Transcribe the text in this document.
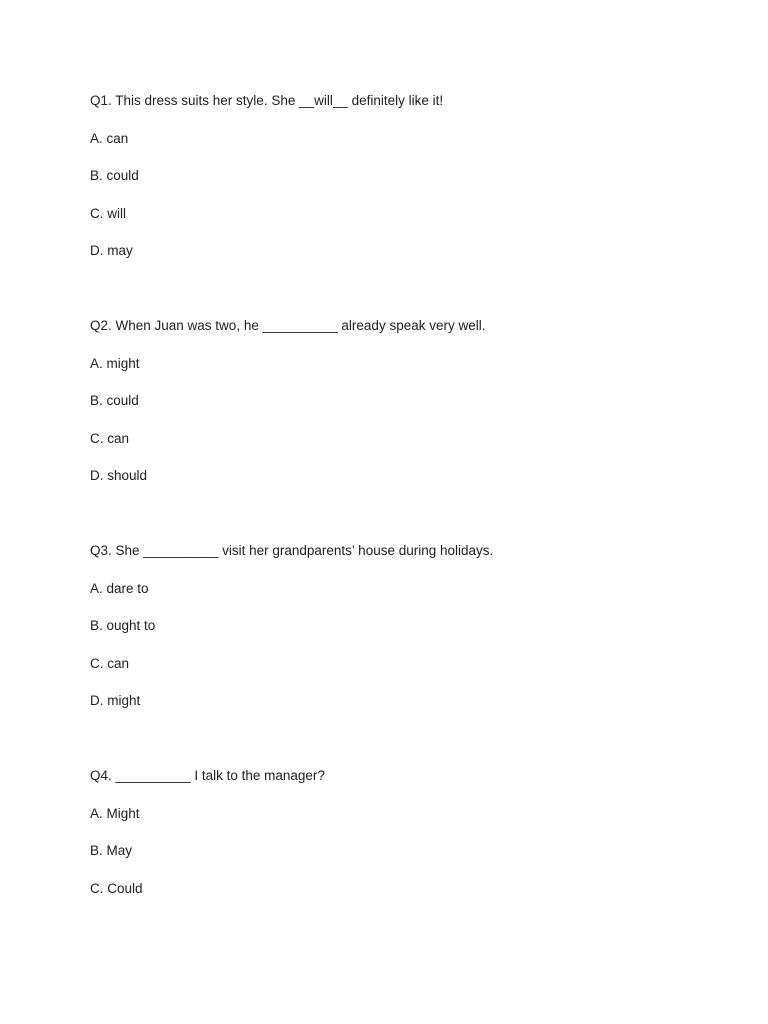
Q1. This dress suits her style. She __will__ definitely like it!
A. can
B. could
C. will
D. may
Q2. When Juan was two, he __________ already speak very well.
A. might
B. could
C. can
D. should
Q3. She __________ visit her grandparents’ house during holidays.
A. dare to
B. ought to
C. can
D. might
Q4. __________ I talk to the manager?
A. Might
B. May
C. Could
